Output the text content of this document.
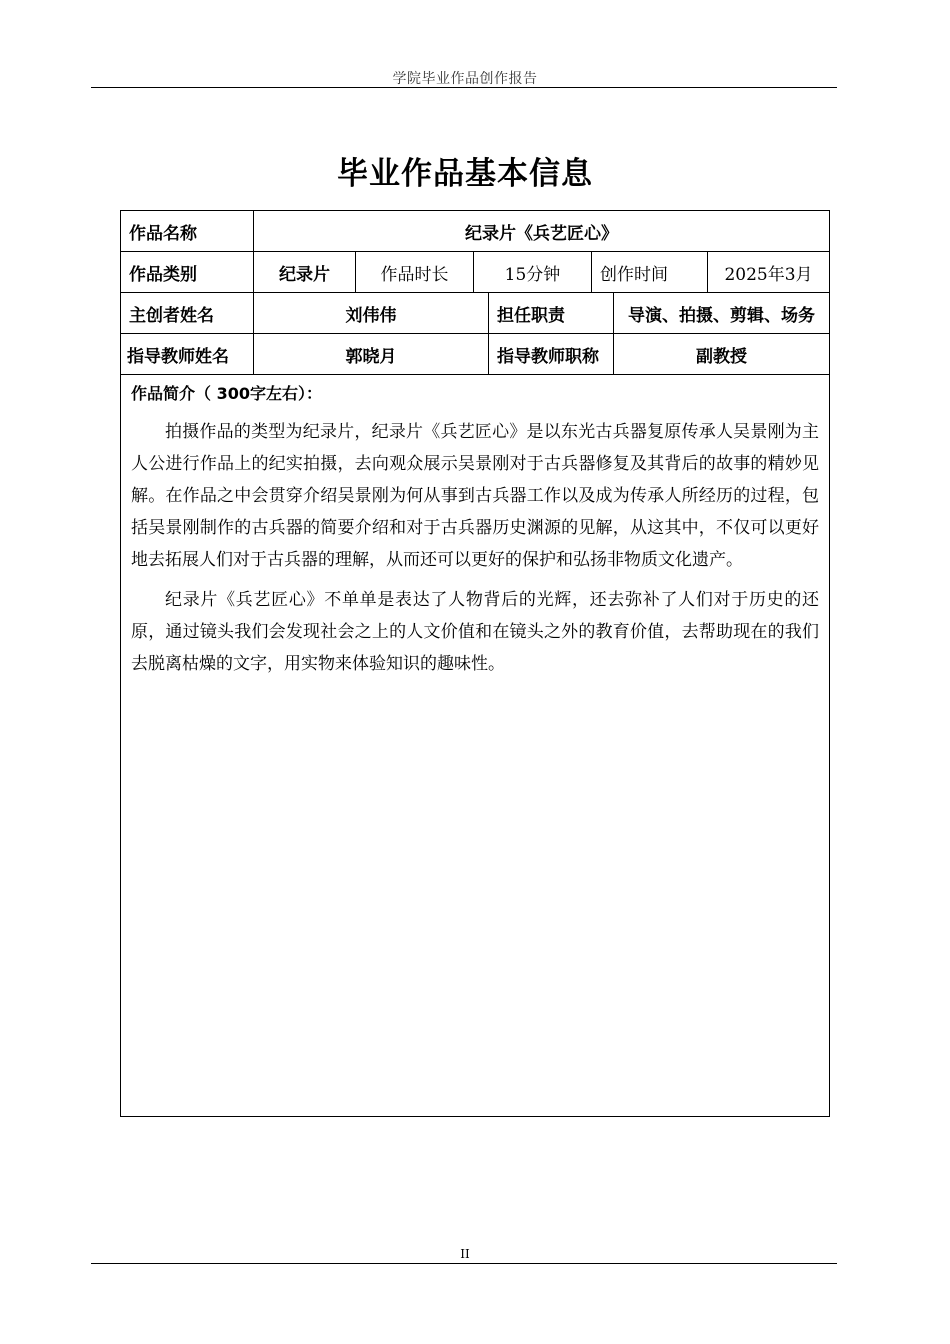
学院毕业作品创作报告
毕业作品基本信息
作品名称	纪录片《兵艺匠心》						
作品类别	纪录片	作品时长	15分钟		创作时间		2025年3月
主创者姓名	刘伟伟			担任职责		导演、拍摄、剪辑、场务	
指导教师姓名	郭晓月			指导教师职称		副教授	

作品简介（ 300字左右）：

拍摄作品的类型为纪录片，纪录片《兵艺匠心》是以东光古兵器复原传承人吴景刚为主人公进行作品上的纪实拍摄，去向观众展示吴景刚对于古兵器修复及其背后的故事的精妙见解。在作品之中会贯穿介绍吴景刚为何从事到古兵器工作以及成为传承人所经历的过程，包括吴景刚制作的古兵器的简要介绍和对于古兵器历史渊源的见解，从这其中，不仅可以更好地去拓展人们对于古兵器的理解，从而还可以更好的保护和弘扬非物质文化遗产。

纪录片《兵艺匠心》不单单是表达了人物背后的光辉，还去弥补了人们对于历史的还原，通过镜头我们会发现社会之上的人文价值和在镜头之外的教育价值，去帮助现在的我们去脱离枯燥的文字，用实物来体验知识的趣味性。							

II
